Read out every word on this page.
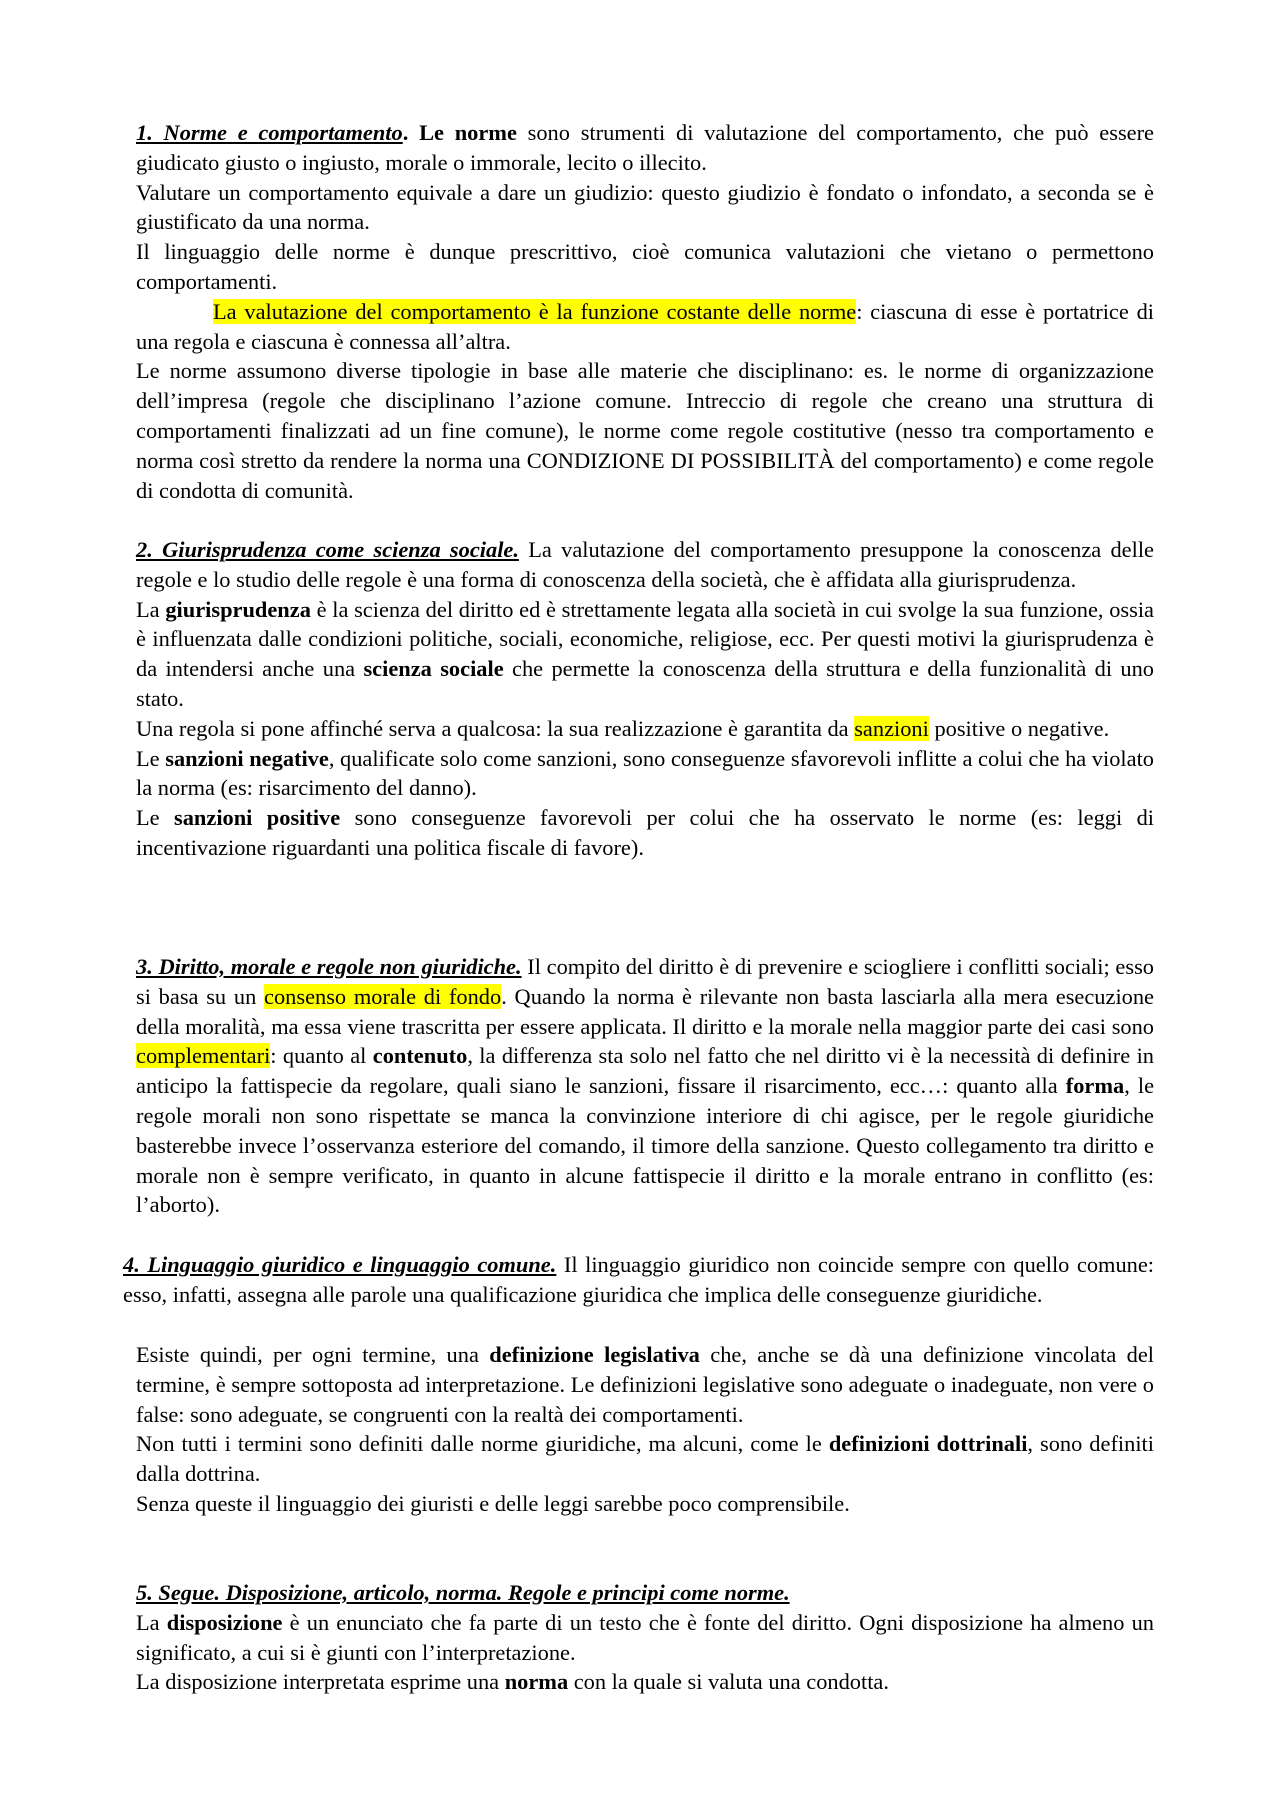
1. Norme e comportamento. Le norme sono strumenti di valutazione del comportamento, che può essere giudicato giusto o ingiusto, morale o immorale, lecito o illecito.

Valutare un comportamento equivale a dare un giudizio: questo giudizio è fondato o infondato, a seconda se è giustificato da una norma.

Il linguaggio delle norme è dunque prescrittivo, cioè comunica valutazioni che vietano o permettono comportamenti.

La valutazione del comportamento è la funzione costante delle norme: ciascuna di esse è portatrice di una regola e ciascuna è connessa all’altra.

Le norme assumono diverse tipologie in base alle materie che disciplinano: es. le norme di organizzazione dell’impresa (regole che disciplinano l’azione comune. Intreccio di regole che creano una struttura di comportamenti finalizzati ad un fine comune), le norme come regole costitutive (nesso tra comportamento e norma così stretto da rendere la norma una CONDIZIONE DI POSSIBILITÀ del comportamento) e come regole di condotta di comunità.

2. Giurisprudenza come scienza sociale. La valutazione del comportamento presuppone la conoscenza delle regole e lo studio delle regole è una forma di conoscenza della società, che è affidata alla giurisprudenza.

La giurisprudenza è la scienza del diritto ed è strettamente legata alla società in cui svolge la sua funzione, ossia è influenzata dalle condizioni politiche, sociali, economiche, religiose, ecc. Per questi motivi la giurisprudenza è da intendersi anche una scienza sociale che permette la conoscenza della struttura e della funzionalità di uno stato.

Una regola si pone affinché serva a qualcosa: la sua realizzazione è garantita da sanzioni positive o negative.

Le sanzioni negative, qualificate solo come sanzioni, sono conseguenze sfavorevoli inflitte a colui che ha violato la norma (es: risarcimento del danno).

Le sanzioni positive sono conseguenze favorevoli per colui che ha osservato le norme (es: leggi di incentivazione riguardanti una politica fiscale di favore).

3. Diritto, morale e regole non giuridiche. Il compito del diritto è di prevenire e sciogliere i conflitti sociali; esso si basa su un consenso morale di fondo. Quando la norma è rilevante non basta lasciarla alla mera esecuzione della moralità, ma essa viene trascritta per essere applicata. Il diritto e la morale nella maggior parte dei casi sono complementari: quanto al contenuto, la differenza sta solo nel fatto che nel diritto vi è la necessità di definire in anticipo la fattispecie da regolare, quali siano le sanzioni, fissare il risarcimento, ecc…: quanto alla forma, le regole morali non sono rispettate se manca la convinzione interiore di chi agisce, per le regole giuridiche basterebbe invece l’osservanza esteriore del comando, il timore della sanzione. Questo collegamento tra diritto e morale non è sempre verificato, in quanto in alcune fattispecie il diritto e la morale entrano in conflitto (es: l’aborto).

4. Linguaggio giuridico e linguaggio comune. Il linguaggio giuridico non coincide sempre con quello comune: esso, infatti, assegna alle parole una qualificazione giuridica che implica delle conseguenze giuridiche.

Esiste quindi, per ogni termine, una definizione legislativa che, anche se dà una definizione vincolata del termine, è sempre sottoposta ad interpretazione. Le definizioni legislative sono adeguate o inadeguate, non vere o false: sono adeguate, se congruenti con la realtà dei comportamenti.

Non tutti i termini sono definiti dalle norme giuridiche, ma alcuni, come le definizioni dottrinali, sono definiti dalla dottrina.

Senza queste il linguaggio dei giuristi e delle leggi sarebbe poco comprensibile.

5. Segue. Disposizione, articolo, norma. Regole e principi come norme.

La disposizione è un enunciato che fa parte di un testo che è fonte del diritto. Ogni disposizione ha almeno un significato, a cui si è giunti con l’interpretazione.

La disposizione interpretata esprime una norma con la quale si valuta una condotta.
